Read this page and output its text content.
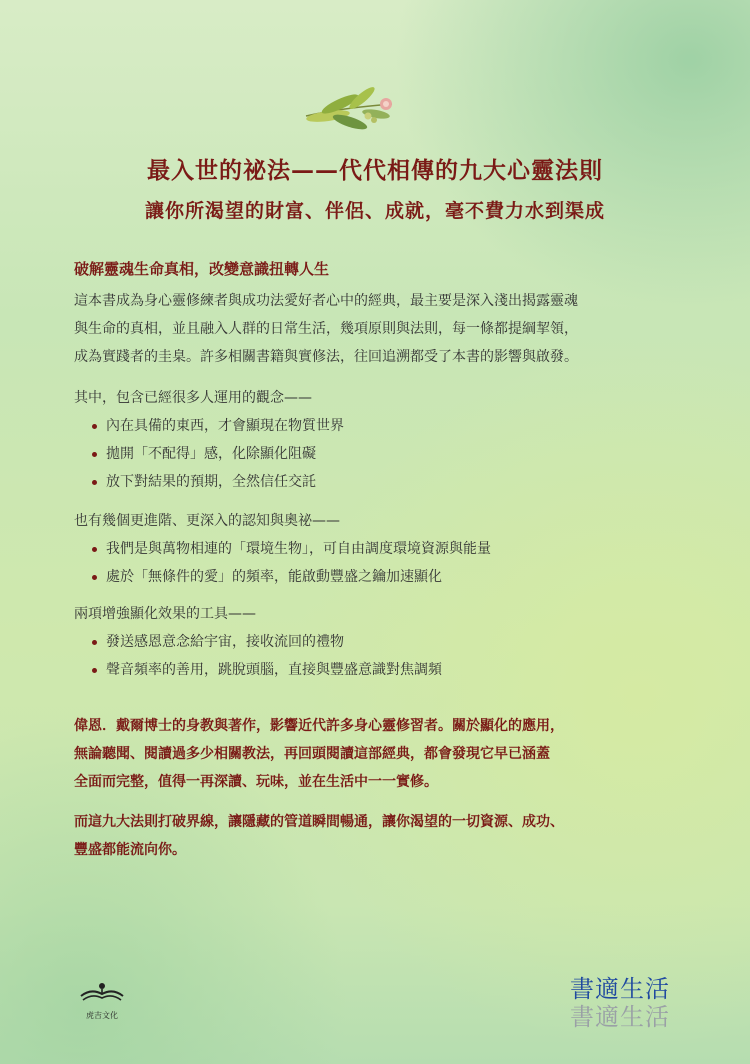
最入世的祕法——代代相傳的九大心靈法則
讓你所渴望的財富、伴侶、成就，毫不費力水到渠成

破解靈魂生命真相，改變意識扭轉人生

這本書成為身心靈修練者與成功法愛好者心中的經典，最主要是深入淺出揭露靈魂

與生命的真相，並且融入人群的日常生活，幾項原則與法則，每一條都提綱挈領，

成為實踐者的圭臬。許多相關書籍與實修法，往回追溯都受了本書的影響與啟發。

其中，包含已經很多人運用的觀念——

內在具備的東西，才會顯現在物質世界
拋開「不配得」感，化除顯化阻礙
放下對結果的預期，全然信任交託

也有幾個更進階、更深入的認知與奧祕——

我們是與萬物相連的「環境生物」，可自由調度環境資源與能量
處於「無條件的愛」的頻率，能啟動豐盛之鑰加速顯化

兩項增強顯化效果的工具——

發送感恩意念給宇宙，接收流回的禮物
聲音頻率的善用，跳脫頭腦，直接與豐盛意識對焦調頻

偉恩．戴爾博士的身教與著作，影響近代許多身心靈修習者。關於顯化的應用，

無論聽聞、閱讀過多少相關教法，再回頭閱讀這部經典，都會發現它早已涵蓋

全面而完整，值得一再深讀、玩味，並在生活中一一實修。

而這九大法則打破界線，讓隱藏的管道瞬間暢通，讓你渴望的一切資源、成功、

豐盛都能流向你。

虎吉文化
書適生活
書適生活
